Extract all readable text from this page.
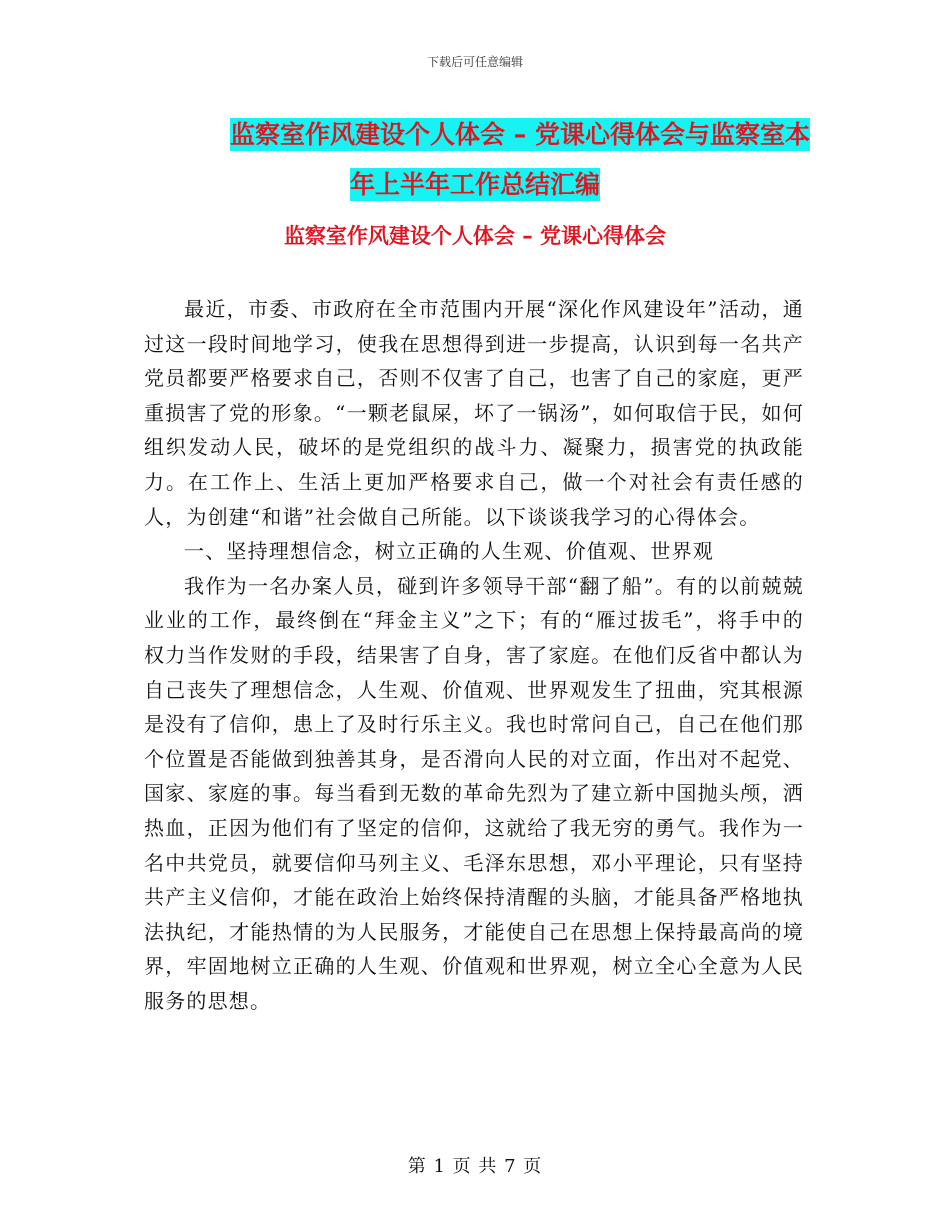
下载后可任意编辑
监察室作风建设个人体会 – 党课心得体会与监察室本
年上半年工作总结汇编
监察室作风建设个人体会 – 党课心得体会

最近，市委、市政府在全市范围内开展“深化作风建设年”活动，通过这一段时间地学习，使我在思想得到进一步提高，认识到每一名共产党员都要严格要求自己，否则不仅害了自己，也害了自己的家庭，更严重损害了党的形象。“一颗老鼠屎，坏了一锅汤”，如何取信于民，如何组织发动人民，破坏的是党组织的战斗力、凝聚力，损害党的执政能力。在工作上、生活上更加严格要求自己，做一个对社会有责任感的人，为创建“和谐”社会做自己所能。以下谈谈我学习的心得体会。

一、坚持理想信念，树立正确的人生观、价值观、世界观

我作为一名办案人员，碰到许多领导干部“翻了船”。有的以前兢兢业业的工作，最终倒在“拜金主义”之下；有的“雁过拔毛”，将手中的权力当作发财的手段，结果害了自身，害了家庭。在他们反省中都认为自己丧失了理想信念，人生观、价值观、世界观发生了扭曲，究其根源是没有了信仰，患上了及时行乐主义。我也时常问自己，自己在他们那个位置是否能做到独善其身，是否滑向人民的对立面，作出对不起党、国家、家庭的事。每当看到无数的革命先烈为了建立新中国抛头颅，洒热血，正因为他们有了坚定的信仰，这就给了我无穷的勇气。我作为一名中共党员，就要信仰马列主义、毛泽东思想，邓小平理论，只有坚持共产主义信仰，才能在政治上始终保持清醒的头脑，才能具备严格地执法执纪，才能热情的为人民服务，才能使自己在思想上保持最高尚的境界，牢固地树立正确的人生观、价值观和世界观，树立全心全意为人民服务的思想。

第 1 页 共 7 页
